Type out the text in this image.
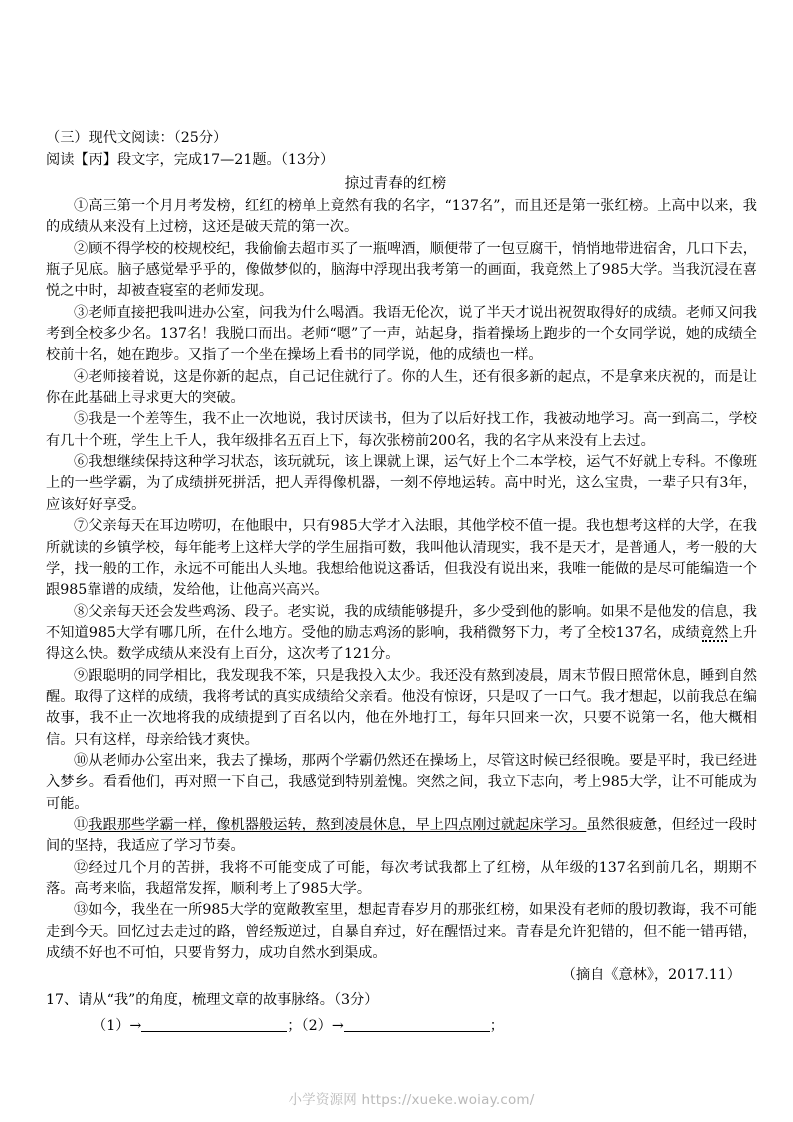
（三）现代文阅读：（25分）
阅读【丙】段文字，完成17—21题。（13分）
掠过青春的红榜

①高三第一个月月考发榜，红红的榜单上竟然有我的名字，“137名”，而且还是第一张红榜。上高中以来，我的成绩从来没有上过榜，这还是破天荒的第一次。

②顾不得学校的校规校纪，我偷偷去超市买了一瓶啤酒，顺便带了一包豆腐干，悄悄地带进宿舍，几口下去，瓶子见底。脑子感觉晕乎乎的，像做梦似的，脑海中浮现出我考第一的画面，我竟然上了985大学。当我沉浸在喜悦之中时，却被查寝室的老师发现。

③老师直接把我叫进办公室，问我为什么喝酒。我语无伦次，说了半天才说出祝贺取得好的成绩。老师又问我考到全校多少名。137名！我脱口而出。老师“嗯”了一声，站起身，指着操场上跑步的一个女同学说，她的成绩全校前十名，她在跑步。又指了一个坐在操场上看书的同学说，他的成绩也一样。

④老师接着说，这是你新的起点，自己记住就行了。你的人生，还有很多新的起点，不是拿来庆祝的，而是让你在此基础上寻求更大的突破。

⑤我是一个差等生，我不止一次地说，我讨厌读书，但为了以后好找工作，我被动地学习。高一到高二，学校有几十个班，学生上千人，我年级排名五百上下，每次张榜前200名，我的名字从来没有上去过。

⑥我想继续保持这种学习状态，该玩就玩，该上课就上课，运气好上个二本学校，运气不好就上专科。不像班上的一些学霸，为了成绩拼死拼活，把人弄得像机器，一刻不停地运转。高中时光，这么宝贵，一辈子只有3年，应该好好享受。

⑦父亲每天在耳边唠叨，在他眼中，只有985大学才入法眼，其他学校不值一提。我也想考这样的大学，在我所就读的乡镇学校，每年能考上这样大学的学生屈指可数，我叫他认清现实，我不是天才，是普通人，考一般的大学，找一般的工作，永远不可能出人头地。我想给他说这番话，但我没有说出来，我唯一能做的是尽可能编造一个跟985靠谱的成绩，发给他，让他高兴高兴。

⑧父亲每天还会发些鸡汤、段子。老实说，我的成绩能够提升，多少受到他的影响。如果不是他发的信息，我不知道985大学有哪几所，在什么地方。受他的励志鸡汤的影响，我稍微努下力，考了全校137名，成绩竟然上升得这么快。数学成绩从来没有上百分，这次考了121分。

⑨跟聪明的同学相比，我发现我不笨，只是我投入太少。我还没有熬到凌晨，周末节假日照常休息，睡到自然醒。取得了这样的成绩，我将考试的真实成绩给父亲看。他没有惊讶，只是叹了一口气。我才想起，以前我总在编故事，我不止一次地将我的成绩提到了百名以内，他在外地打工，每年只回来一次，只要不说第一名，他大概相信。只有这样，母亲给钱才爽快。

⑩从老师办公室出来，我去了操场，那两个学霸仍然还在操场上，尽管这时候已经很晚。要是平时，我已经进入梦乡。看看他们，再对照一下自己，我感觉到特别羞愧。突然之间，我立下志向，考上985大学，让不可能成为可能。

⑪我跟那些学霸一样，像机器般运转，熬到凌晨休息，早上四点刚过就起床学习。虽然很疲惫，但经过一段时间的坚持，我适应了学习节奏。

⑫经过几个月的苦拼，我将不可能变成了可能，每次考试我都上了红榜，从年级的137名到前几名，期期不落。高考来临，我超常发挥，顺利考上了985大学。

⑬如今，我坐在一所985大学的宽敞教室里，想起青春岁月的那张红榜，如果没有老师的殷切教诲，我不可能走到今天。回忆过去走过的路，曾经叛逆过，自暴自弃过，好在醒悟过来。青春是允许犯错的，但不能一错再错，成绩不好也不可怕，只要肯努力，成功自然水到渠成。

（摘自《意林》，2017.11）
17、请从“我”的角度，梳理文章的故事脉络。（3分）
（1）→	；（2）→	；
小学资源网 https://xueke.woiay.com/
